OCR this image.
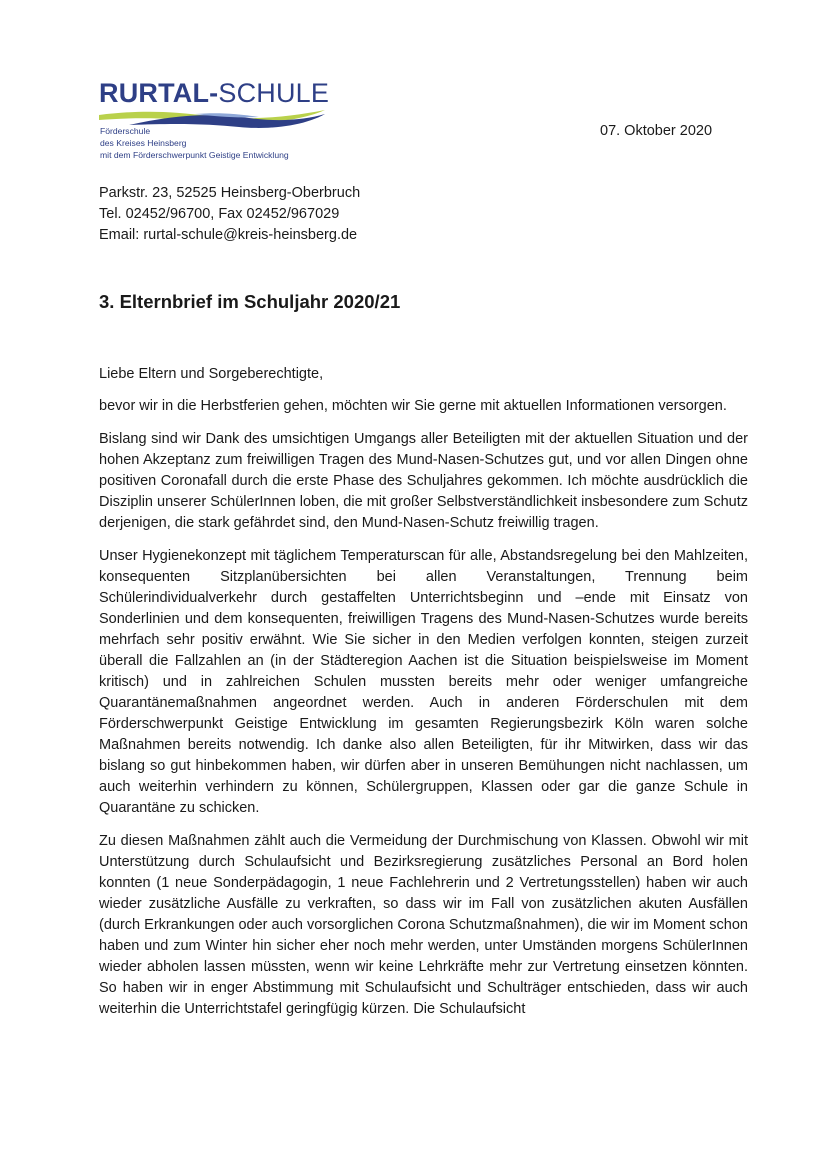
RURTAL-SCHULE
Förderschule
des Kreises Heinsberg
mit dem Förderschwerpunkt Geistige Entwicklung
07. Oktober 2020
Parkstr. 23, 52525 Heinsberg-Oberbruch
Tel. 02452/96700, Fax 02452/967029
Email: rurtal-schule@kreis-heinsberg.de
3. Elternbrief im Schuljahr 2020/21

Liebe Eltern und Sorgeberechtigte,

bevor wir in die Herbstferien gehen, möchten wir Sie gerne mit aktuellen Informationen versorgen.

Bislang sind wir Dank des umsichtigen Umgangs aller Beteiligten mit der aktuellen Situation und der hohen Akzeptanz zum freiwilligen Tragen des Mund-Nasen-Schutzes gut, und vor allen Dingen ohne positiven Coronafall durch die erste Phase des Schuljahres gekommen. Ich möchte ausdrücklich die Disziplin unserer SchülerInnen loben, die mit großer Selbstverständlichkeit insbesondere zum Schutz derjenigen, die stark gefährdet sind, den Mund-Nasen-Schutz freiwillig tragen.

Unser Hygienekonzept mit täglichem Temperaturscan für alle, Abstandsregelung bei den Mahlzeiten, konsequenten Sitzplanübersichten bei allen Veranstaltungen, Trennung beim Schülerindividualverkehr durch gestaffelten Unterrichtsbeginn und –ende mit Einsatz von Sonderlinien und dem konsequenten, freiwilligen Tragens des Mund-Nasen-Schutzes wurde bereits mehrfach sehr positiv erwähnt. Wie Sie sicher in den Medien verfolgen konnten, steigen zurzeit überall die Fallzahlen an (in der Städteregion Aachen ist die Situation beispielsweise im Moment kritisch) und in zahlreichen Schulen mussten bereits mehr oder weniger umfangreiche Quarantänemaßnahmen angeordnet werden. Auch in anderen Förderschulen mit dem Förderschwerpunkt Geistige Entwicklung im gesamten Regierungsbezirk Köln waren solche Maßnahmen bereits notwendig. Ich danke also allen Beteiligten, für ihr Mitwirken, dass wir das bislang so gut hinbekommen haben, wir dürfen aber in unseren Bemühungen nicht nachlassen, um auch weiterhin verhindern zu können, Schülergruppen, Klassen oder gar die ganze Schule in Quarantäne zu schicken.

Zu diesen Maßnahmen zählt auch die Vermeidung der Durchmischung von Klassen. Obwohl wir mit Unterstützung durch Schulaufsicht und Bezirksregierung zusätzliches Personal an Bord holen konnten (1 neue Sonderpädagogin, 1 neue Fachlehrerin und 2 Vertretungsstellen) haben wir auch wieder zusätzliche Ausfälle zu verkraften, so dass wir im Fall von zusätzlichen akuten Ausfällen (durch Erkrankungen oder auch vorsorglichen Corona Schutzmaßnahmen), die wir im Moment schon haben und zum Winter hin sicher eher noch mehr werden, unter Umständen morgens SchülerInnen wieder abholen lassen müssten, wenn wir keine Lehrkräfte mehr zur Vertretung einsetzen könnten. So haben wir in enger Abstimmung mit Schulaufsicht und Schulträger entschieden, dass wir auch weiterhin die Unterrichtstafel geringfügig kürzen. Die Schulaufsicht
